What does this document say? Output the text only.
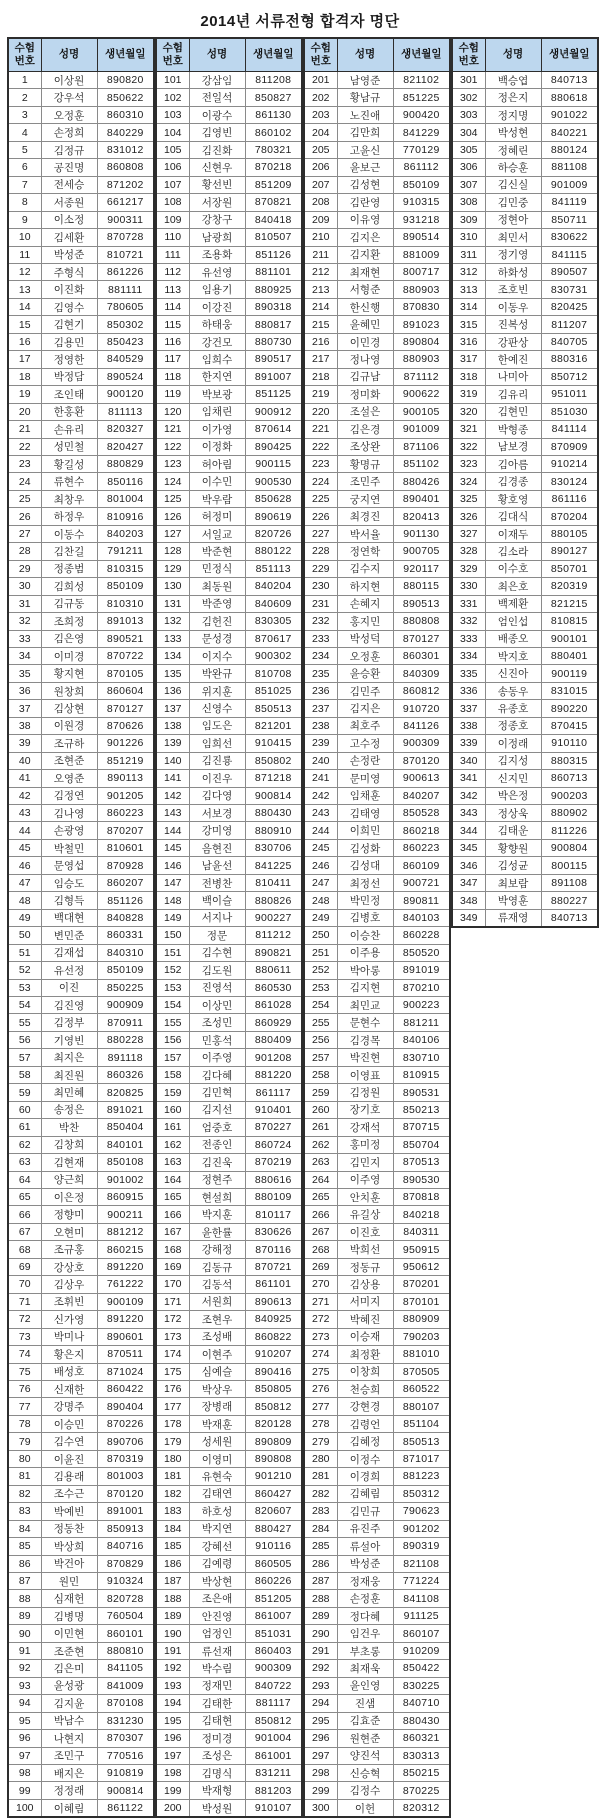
2014년 서류전형 합격자 명단
수험
번호	성명	생년월일
1	이상원	890820
2	강우석	850622
3	오정훈	860310
4	손정희	840229
5	김정규	831012
6	공진명	860808
7	전세승	871202
8	서종원	661217
9	이소정	900311
10	김세환	870728
11	박성준	810721
12	주형식	861226
13	이진화	881111
14	김영수	780605
15	김현기	850302
16	김용민	850423
17	정영한	840529
18	박정담	890524
19	조인태	900120
20	한홍환	811113
21	손유리	820327
22	성민철	820427
23	황길성	880829
24	류현수	850116
25	최창우	801004
26	하정우	810916
27	이동수	840203
28	김찬길	791211
29	정종범	810315
30	김희성	850109
31	김규동	810310
32	조희정	891013
33	김은영	890521
34	이미경	870722
35	황지현	870105
36	원창희	860604
37	김상현	870127
38	이원경	870626
39	조규하	901226
40	조현준	851219
41	오영준	890113
42	김정연	901205
43	김나영	860223
44	손광영	870207
45	박철민	810601
46	문영섭	870928
47	임승도	860207
48	김형득	851126
49	백대현	840828
50	변민준	860331
51	김재섭	840310
52	유선정	850109
53	이진	850225
54	김진영	900909
55	김정부	870911
56	기영빈	880228
57	최지은	891118
58	최진원	860326
59	최민혜	820825
60	송정은	891021
61	박찬	850404
62	김창희	840101
63	김현재	850108
64	양근희	901002
65	이은정	860915
66	정향미	900211
67	오현미	881212
68	조규홍	860215
69	강상호	891220
70	김상우	761222
71	조휘빈	900109
72	신가영	891220
73	박미나	890601
74	황은지	870511
75	배성호	871024
76	신재한	860422
77	강명주	890404
78	이승민	870226
79	김수연	890706
80	이윤진	870319
81	김용래	801003
82	조수근	870120
83	박예빈	891001
84	정동찬	850913
85	박상희	840716
86	박건아	870829
87	원민	910324
88	심재헌	820728
89	김병명	760504
90	이민현	860101
91	조준현	880810
92	김은미	841105
93	윤성광	841009
94	김지윤	870108
95	박남수	831230
96	나현지	870307
97	조민구	770516
98	배지은	910819
99	정정래	900814
100	이혜림	861122
수험
번호	성명	생년월일
101	강삼임	811208
102	전일석	850827
103	이광수	861130
104	김영빈	860102
105	김진화	780321
106	신현우	870218
107	황선빈	851209
108	서장원	870821
109	강창구	840418
110	남광희	810507
111	조용화	851126
112	유선영	881101
113	임용기	880925
114	이강진	890318
115	하태웅	880817
116	강건모	880730
117	임희수	890517
118	한지연	891007
119	박보광	851125
120	임채린	900912
121	이가영	870614
122	이정화	890425
123	허아림	900115
124	이수민	900530
125	박우람	850628
126	허정미	890619
127	서일교	820726
128	박준현	880122
129	민정식	851113
130	최동원	840204
131	박준영	840609
132	김헌진	830305
133	문성경	870617
134	이지수	900302
135	박완규	810708
136	위지훈	851025
137	신영수	850513
138	임도은	821201
139	임희선	910415
140	김진룡	850802
141	이진우	871218
142	김다영	900814
143	서보경	880430
144	강미영	880910
145	음현진	830706
146	남윤선	841225
147	전병찬	810411
148	백이슬	880826
149	서지나	900227
150	정문	811212
151	김수현	890821
152	김도원	880611
153	진영석	860530
154	이상민	861028
155	조성민	860929
156	민홍석	880409
157	이주영	901208
158	김다혜	881220
159	김민혁	861117
160	김지선	910401
161	엄중호	870227
162	전종인	860724
163	김진욱	870219
164	정현주	880616
165	현설희	880109
166	박지훈	810117
167	윤한률	830626
168	강해정	870116
169	김동규	870721
170	김동석	861101
171	서원희	890613
172	조현우	840925
173	조성배	860822
174	이현주	910207
175	심예슬	890416
176	박상우	850805
177	장병래	850812
178	박재훈	820128
179	성세원	890809
180	이영미	890808
181	유현숙	901210
182	김태연	860427
183	하호성	820607
184	박지연	880427
185	강혜선	910116
186	김예령	860505
187	박상현	860226
188	조은애	851205
189	안진영	861007
190	엄정인	851031
191	류선재	860403
192	박수림	900309
193	정재민	840722
194	김태한	881117
195	김태현	850812
196	정미경	901004
197	조성은	861001
198	김명식	831211
199	박재형	881203
200	박성원	910107
수험
번호	성명	생년월일
201	남영준	821102
202	황남규	851225
203	노진애	900420
204	김만희	841229
205	고윤신	770129
206	윤보근	861112
207	김성현	850109
208	김란영	910315
209	이유영	931218
210	김지은	890514
211	김지환	881009
212	최재현	800717
213	서형준	880903
214	한신행	870830
215	윤혜민	891023
216	이민경	890804
217	정나영	880903
218	김규남	871112
219	정미화	900622
220	조설은	900105
221	김은경	901009
222	조상완	871106
223	황명규	851102
224	조민주	880426
225	궁지연	890401
226	최경진	820413
227	박서율	901130
228	정연학	900705
229	김수지	920117
230	하지현	880115
231	손혜지	890513
232	홍지민	880808
233	박성덕	870127
234	오정훈	860301
235	윤승환	840309
236	김민주	860812
237	김지은	910720
238	최호주	841126
239	고수정	900309
240	손정란	870120
241	문미영	900613
242	임채훈	840207
243	김태영	850528
244	이희민	860218
245	김성화	860223
246	김성대	860109
247	최정선	900721
248	박민정	890811
249	김병호	840103
250	이승찬	860228
251	이주용	850520
252	박아롱	891019
253	김지현	870210
254	최민교	900223
255	문현수	881211
256	김경목	840106
257	박진현	830710
258	이영표	810915
259	김정원	890531
260	장기호	850213
261	강재석	870715
262	홍미정	850704
263	김민지	870513
264	이주영	890530
265	안치훈	870818
266	유길상	840218
267	이진호	840311
268	박희선	950915
269	정동규	950612
270	김상용	870201
271	서미지	870101
272	박혜진	880909
273	이승재	790203
274	최정환	881010
275	이창희	870505
276	천승희	860522
277	강현경	880107
278	김령언	851104
279	김혜정	850513
280	이정수	871017
281	이경희	881223
282	김혜림	850312
283	김민규	790623
284	유진주	901202
285	류설아	890319
286	박성준	821108
287	정재웅	771224
288	손정훈	841108
289	정다혜	911125
290	임건우	860107
291	부초롱	910209
292	최재욱	850422
293	윤인영	830225
294	진샘	840710
295	김효준	880430
296	원현준	860321
297	양진석	830313
298	신승혁	850215
299	김정수	870225
300	이헌	820312
수험
번호	성명	생년월일
301	백승엽	840713
302	정은지	880618
303	정지명	901022
304	박성현	840221
305	정혜린	880124
306	하승훈	881108
307	김신실	901009
308	김민중	841119
309	정현아	850711
310	최민서	830622
311	정기영	841115
312	하화성	890507
313	조호빈	830731
314	이동우	820425
315	진복성	811207
316	강판상	840705
317	한예진	880316
318	나미아	850712
319	김유리	951011
320	김현민	851030
321	박형종	841114
322	남보경	870909
323	김아름	910214
324	김경종	830124
325	황호영	861116
326	김대식	870204
327	이재두	880105
328	김소라	890127
329	이수호	850701
330	최은호	820319
331	백제환	821215
332	엄인섭	810815
333	배종오	900101
334	박지호	880401
335	신진아	900119
336	송동우	831015
337	유종호	890220
338	정종호	870415
339	이정래	910110
340	김지성	880315
341	신지민	860713
342	박은정	900203
343	정상욱	880902
344	김태운	811226
345	황향원	900804
346	김성균	800115
347	최보람	891108
348	박영훈	880227
349	류재영	840713
